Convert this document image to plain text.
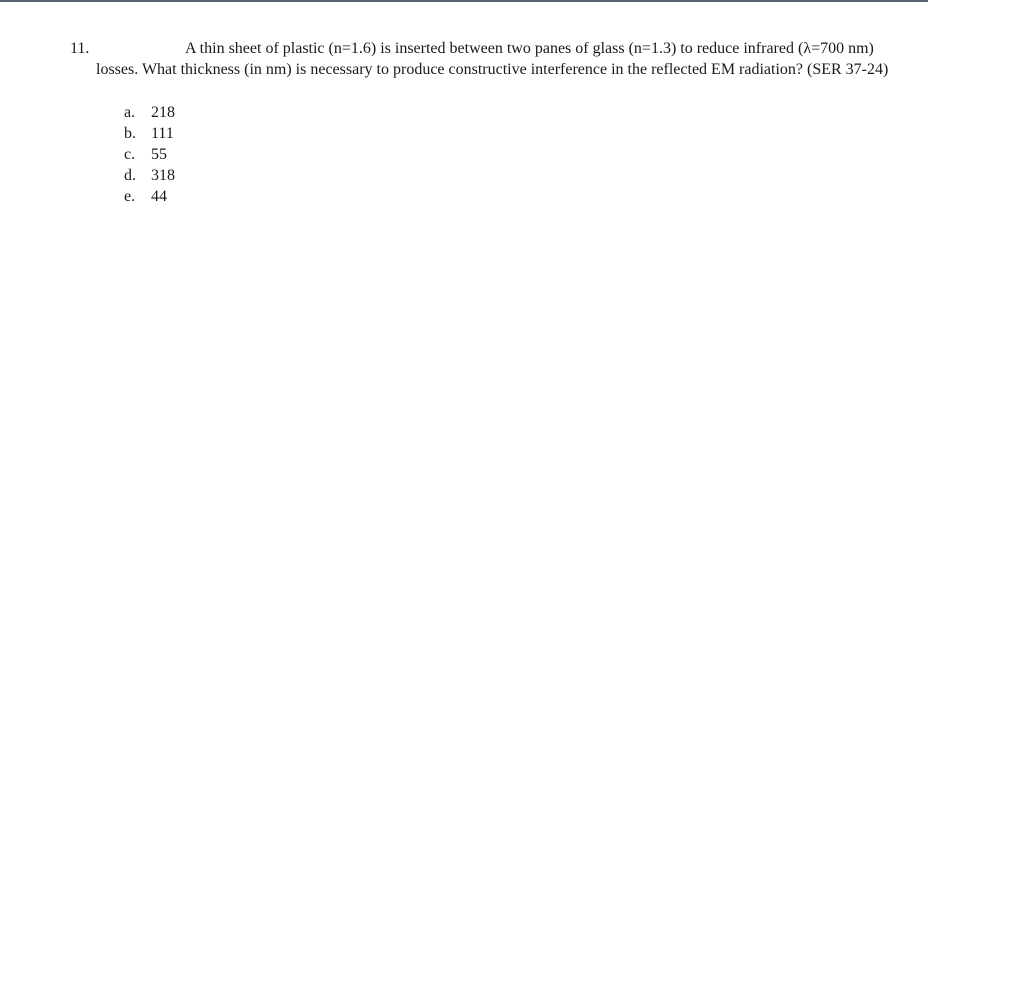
11.	A thin sheet of plastic (n=1.6) is inserted between two panes of glass (n=1.3) to reduce infrared (λ=700 nm) losses. What thickness (in nm) is necessary to produce constructive interference in the reflected EM radiation? (SER 37-24)
a. 218
b. 111
c. 55
d. 318
e. 44
